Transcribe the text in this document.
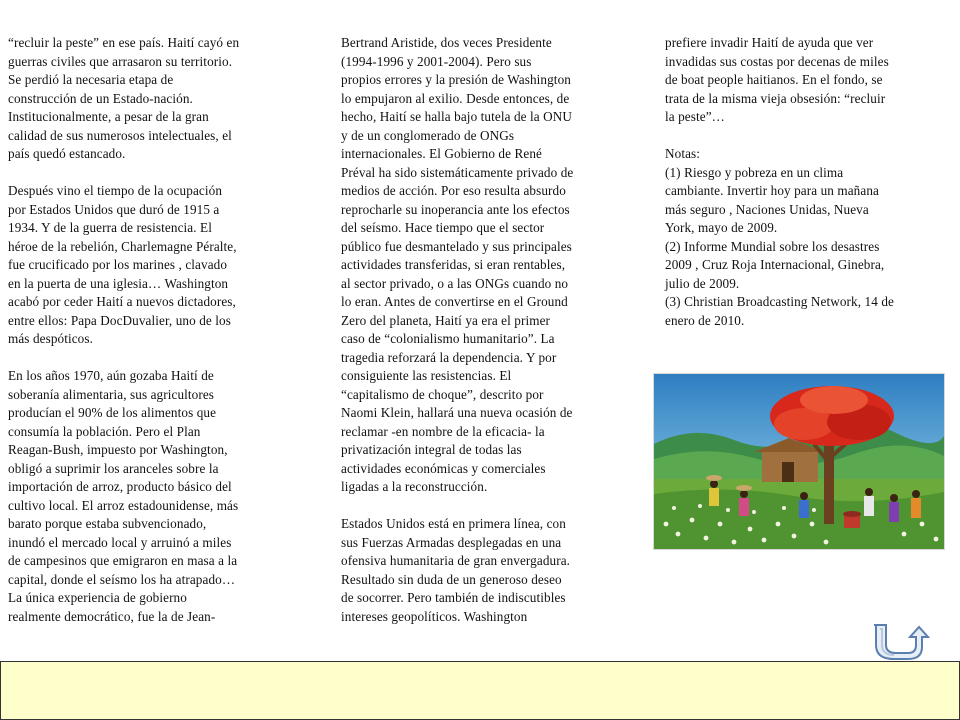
“recluir la peste” en ese país. Haití cayó en
guerras civiles que arrasaron su territorio.
Se perdió la necesaria etapa de
construcción de un Estado-nación.
Institucionalmente, a pesar de la gran
calidad de sus numerosos intelectuales, el
país quedó estancado.

Después vino el tiempo de la ocupación
por Estados Unidos que duró de 1915 a
1934. Y de la guerra de resistencia. El
héroe de la rebelión, Charlemagne Péralte,
fue crucificado por los marines , clavado
en la puerta de una iglesia… Washington
acabó por ceder Haití a nuevos dictadores,
entre ellos: Papa DocDuvalier, uno de los
más despóticos.

En los años 1970, aún gozaba Haití de
soberanía alimentaria, sus agricultores
producían el 90% de los alimentos que
consumía la población. Pero el Plan
Reagan-Bush, impuesto por Washington,
obligó a suprimir los aranceles sobre la
importación de arroz, producto básico del
cultivo local. El arroz estadounidense, más
barato porque estaba subvencionado,
inundó el mercado local y arruinó a miles
de campesinos que emigraron en masa a la
capital, donde el seísmo los ha atrapado…
La única experiencia de gobierno
realmente democrático, fue la de Jean-

Bertrand Aristide, dos veces Presidente
(1994-1996 y 2001-2004). Pero sus
propios errores y la presión de Washington
lo empujaron al exilio. Desde entonces, de
hecho, Haití se halla bajo tutela de la ONU
y de un conglomerado de ONGs
internacionales. El Gobierno de René
Préval ha sido sistemáticamente privado de
medios de acción. Por eso resulta absurdo
reprocharle su inoperancia ante los efectos
del seísmo. Hace tiempo que el sector
público fue desmantelado y sus principales
actividades transferidas, si eran rentables,
al sector privado, o a las ONGs cuando no
lo eran. Antes de convertirse en el Ground
Zero del planeta, Haití ya era el primer
caso de “colonialismo humanitario”. La
tragedia reforzará la dependencia. Y por
consiguiente las resistencias. El
“capitalismo de choque”, descrito por
Naomi Klein, hallará una nueva ocasión de
reclamar -en nombre de la eficacia- la
privatización integral de todas las
actividades económicas y comerciales
ligadas a la reconstrucción.

Estados Unidos está en primera línea, con
sus Fuerzas Armadas desplegadas en una
ofensiva humanitaria de gran envergadura.
Resultado sin duda de un generoso deseo
de socorrer. Pero también de indiscutibles
intereses geopolíticos. Washington

prefiere invadir Haití de ayuda que ver
invadidas sus costas por decenas de miles
de boat people haitianos. En el fondo, se
trata de la misma vieja obsesión: “recluir
la peste”…

Notas:

(1) Riesgo y pobreza en un clima
cambiante. Invertir hoy para un mañana
más seguro , Naciones Unidas, Nueva
York, mayo de 2009.

(2) Informe Mundial sobre los desastres
2009 , Cruz Roja Internacional, Ginebra,
julio de 2009.

(3) Christian Broadcasting Network, 14 de
enero de 2010.
